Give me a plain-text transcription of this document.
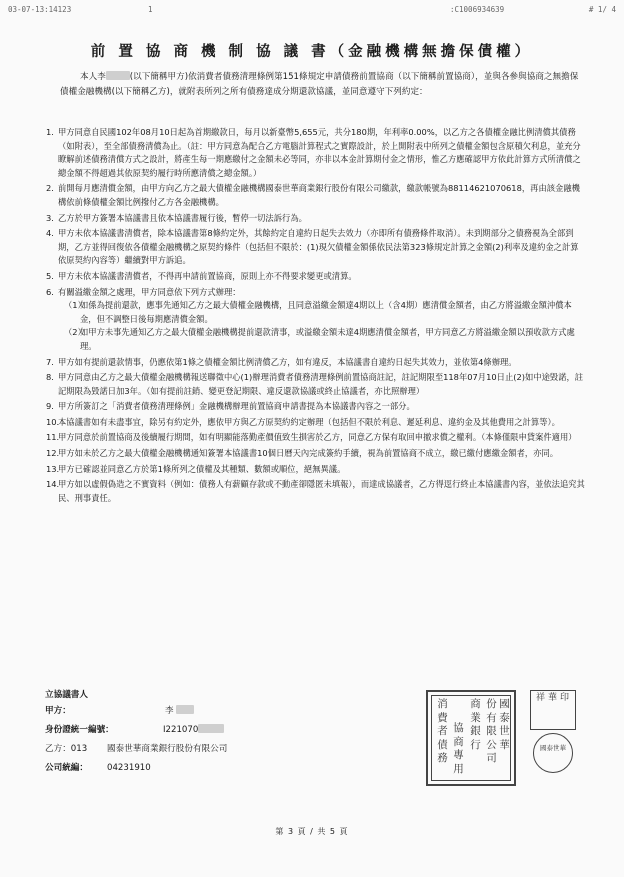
03-07-13:14123	1	:C1006934639	# 1/ 4
前 置 協 商 機 制 協 議 書（金融機構無擔保債權）
本人李	(以下簡稱甲方)依消費者債務清理條例第151條規定申請債務前置協商（以下簡稱前置協商），並與各參與協商之無擔保債權金融機構(以下簡稱乙方)，就附表所列之所有債務達成分期還款協議，並同意遵守下列約定：
1. 甲方同意自民國102年08月10日起為首期繳款日，每月以新臺幣5,655元，共分180期，年利率0.00%，以乙方之各債權金融比例清償其債務（如附表），至全部債務清償為止。（註：甲方同意為配合乙方電腦計算程式之實際設計，於上開附表中所列之債權金額包含原積欠利息，並充分瞭解前述債務清償方式之設計，將產生每一期應繳付之金額未必等同，亦非以本金計算期付金之情形，惟乙方應確認甲方依此計算方式所清償之總金額不得超過其依原契約履行時所應清償之總金額。）
2. 前開每月應清償金額，由甲方向乙方之最大債權金融機構國泰世華商業銀行股份有限公司繳款，繳款帳號為88114621070618，再由該金融機構依前條債權金額比例撥付乙方各金融機構。
3. 乙方於甲方簽署本協議書且依本協議書履行後，暫停一切法訴行為。
4. 甲方未依本協議書清償者，除本協議書第8條約定外，其餘約定自違約日起失去效力（亦即所有債務條件取消）。未到期部分之債務視為全部到期，乙方並得回復依各債權金融機構之原契約條件（包括但不限於：(1)現欠債權金額係依民法第323條規定計算之金額(2)利率及違約金之計算依原契約內容等）繼續對甲方訴追。
5. 甲方未依本協議書清償者，不得再申請前置協商，原則上亦不得要求變更或清算。
6. 有關溢繳金額之處理，甲方同意依下列方式辦理：
（1）
如係為提前還款，應事先通知乙方之最大債權金融機構，且同意溢繳金額達4期以上（含4期）應清償金額者，由乙方將溢繳金額沖償本金，但不調整日後每期應清償金額。
（2）
如甲方未事先通知乙方之最大債權金融機構提前還款清事，或溢繳金額未達4期應清償金額者，甲方同意乙方將溢繳金額以預收款方式處理。
7. 甲方如有提前還款情事，仍應依第1條之債權金額比例清償乙方，如有違反，本協議書自違約日起失其效力，並依第4條辦理。
8. 甲方同意由乙方之最大債權金融機構報送聯徵中心(1)辦理消費者債務清理條例前置協商註記，註記期限至118年07月10日止(2)如中途毀諾，註記期限為毀諾日加3年。（如有提前註銷、變更登記期限、違反還款協議或終止協議者，亦比照辦理）
9. 甲方所簽訂之「消費者債務清理條例」金融機構辦理前置協商申請書提為本協議書內容之一部分。
10.
本協議書如有未盡事宜，除另有約定外，應依甲方與乙方原契約約定辦理（包括但不限於利息、遲延利息、違約金及其他費用之計算等）。
11.
甲方同意於前置協商及後續履行期間，如有明顯能落勤產價值致生損害於乙方，同意乙方保有取回申撤求償之權利。（本條僅限申貸案件適用）
12.
甲方如未於乙方之最大債權金融機構通知簽署本協議書10個日曆天內完成簽約手續，視為前置協商不成立，繳已繳付應繳金額者，亦同。
13.
甲方已確認並同意乙方於第1條所列之債權及其種類、數額或順位，絕無異議。
14.
甲方如以虛假偽造之不實資料（例如：債務人有薪顧存款或不動產卻隱匿未填報），而達成協議者，乙方得逕行終止本協議書內容，並依法追究其民、刑事責任。
立協議書人
甲方：	李
身份證統一編號：	I221070
乙方：013 國泰世華商業銀行股份有限公司
公司統編： 04231910
消費者債務
協商專用
商業銀行
份有限公司
國泰世華
祥 華 印
國泰世華
第 3 頁 / 共 5 頁
